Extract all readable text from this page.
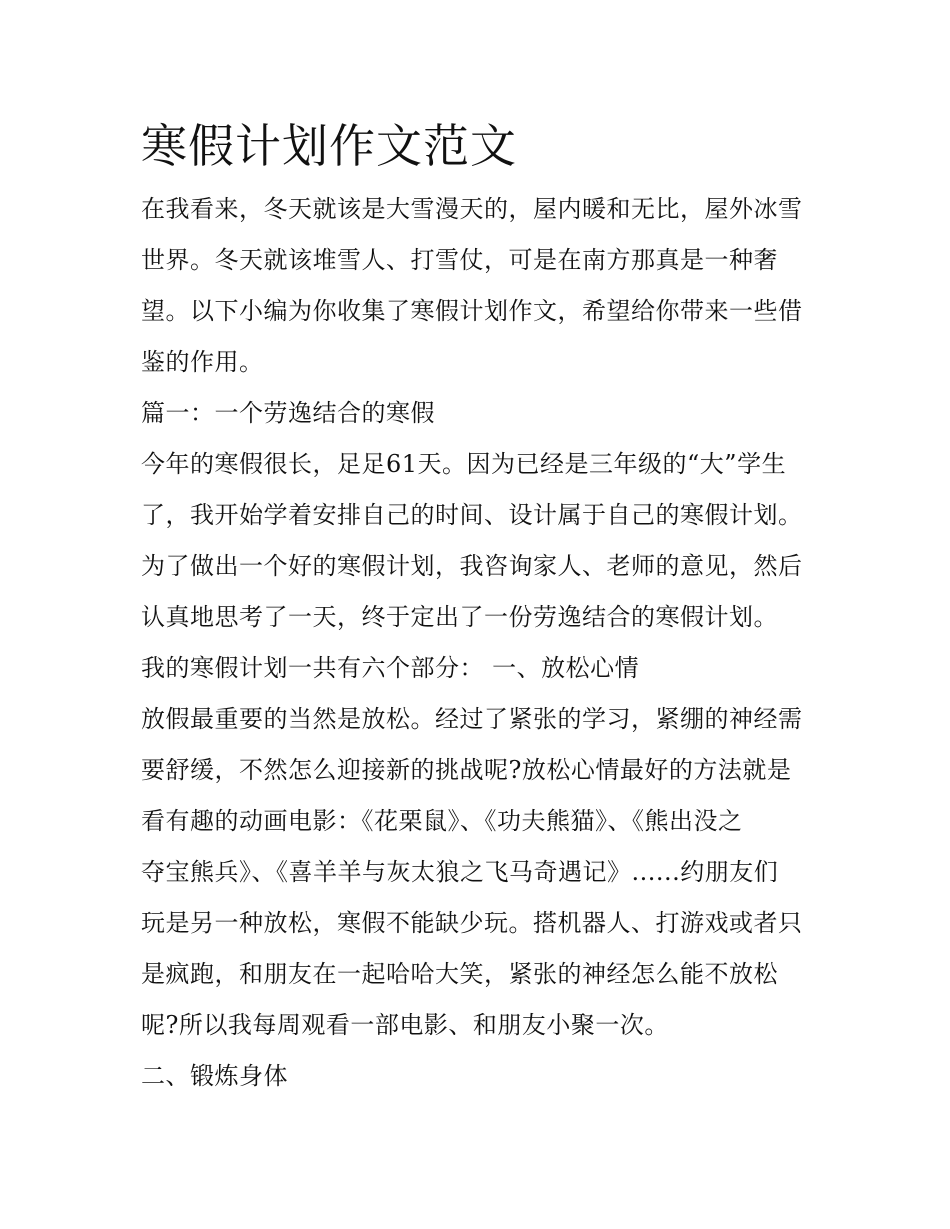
寒假计划作文范文
在我看来，冬天就该是大雪漫天的，屋内暖和无比，屋外冰雪
世界。冬天就该堆雪人、打雪仗，可是在南方那真是一种奢
望。以下小编为你收集了寒假计划作文，希望给你带来一些借
鉴的作用。
篇一：一个劳逸结合的寒假
今年的寒假很长，足足61天。因为已经是三年级的“大”学生
了，我开始学着安排自己的时间、设计属于自己的寒假计划。
为了做出一个好的寒假计划，我咨询家人、老师的意见，然后
认真地思考了一天，终于定出了一份劳逸结合的寒假计划。
我的寒假计划一共有六个部分： 一、放松心情
放假最重要的当然是放松。经过了紧张的学习，紧绷的神经需
要舒缓，不然怎么迎接新的挑战呢?放松心情最好的方法就是
看有趣的动画电影：《花栗鼠》、《功夫熊猫》、《熊出没之
夺宝熊兵》、《喜羊羊与灰太狼之飞马奇遇记》......约朋友们
玩是另一种放松，寒假不能缺少玩。搭机器人、打游戏或者只
是疯跑，和朋友在一起哈哈大笑，紧张的神经怎么能不放松
呢?所以我每周观看一部电影、和朋友小聚一次。
二、锻炼身体
